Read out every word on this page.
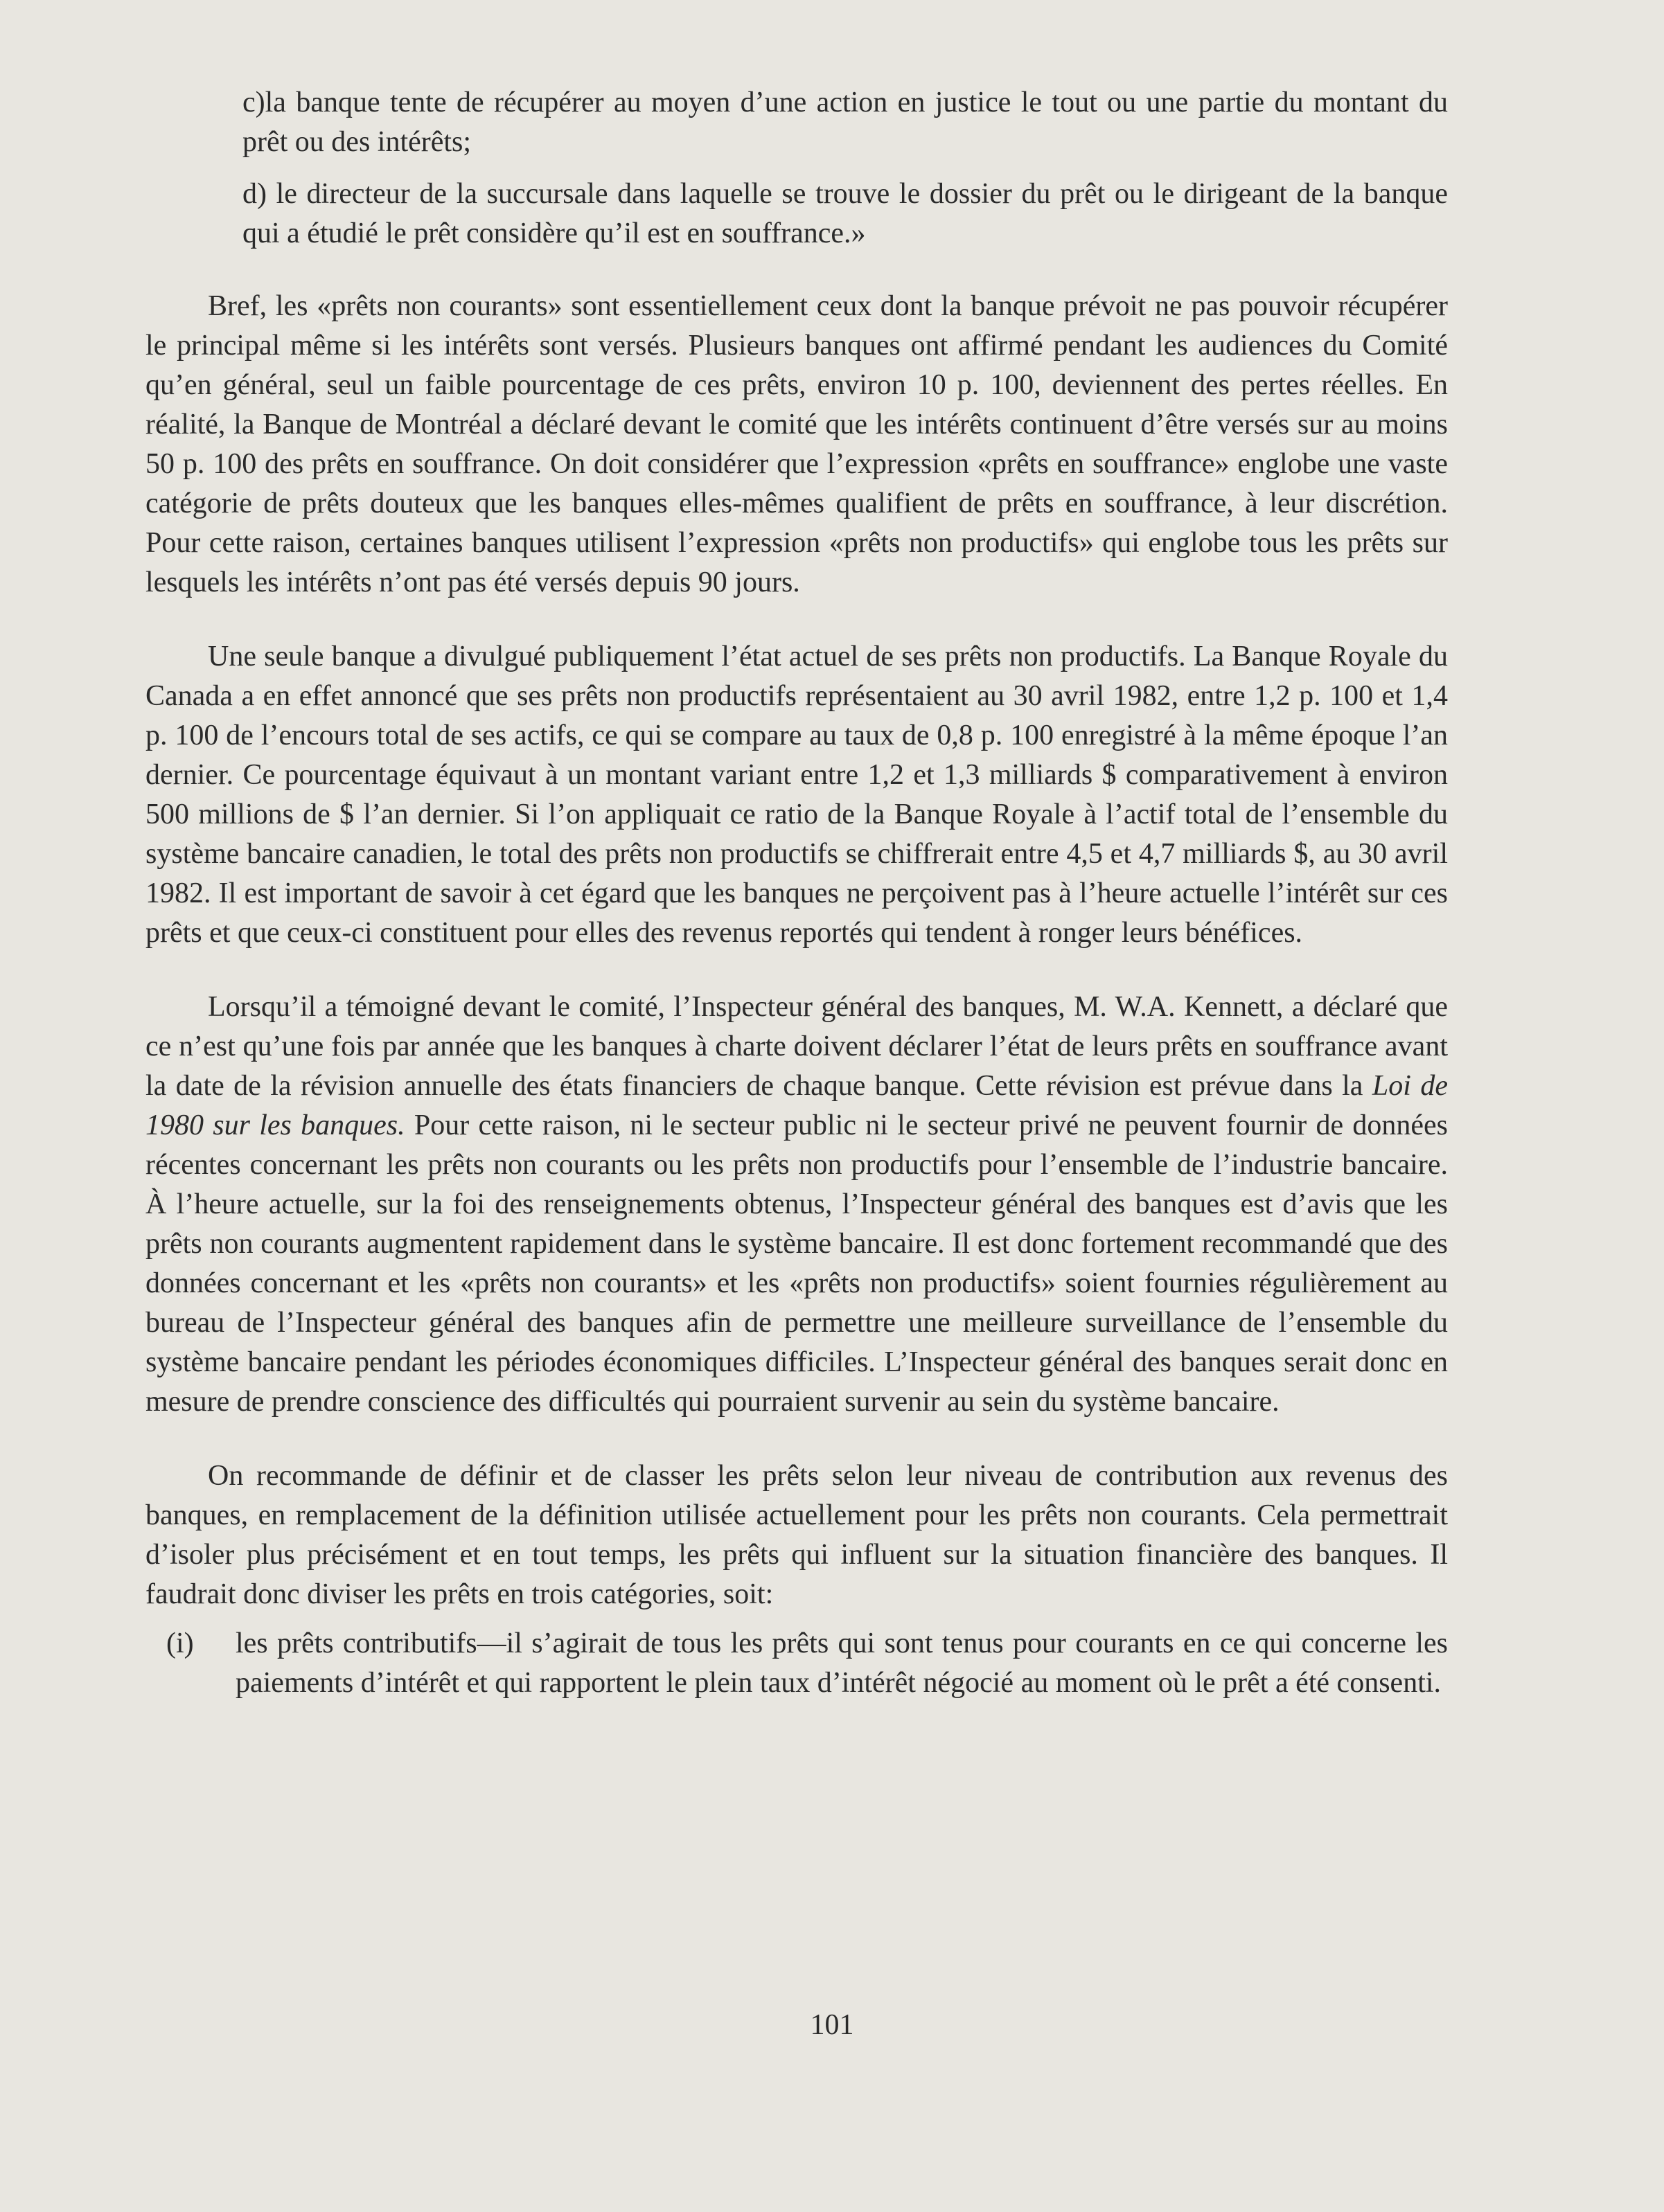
c)la banque tente de récupérer au moyen d’une action en justice le tout ou une partie du montant du prêt ou des intérêts;

d) le directeur de la succursale dans laquelle se trouve le dossier du prêt ou le dirigeant de la banque qui a étudié le prêt considère qu’il est en souffrance.»

Bref, les «prêts non courants» sont essentiellement ceux dont la banque prévoit ne pas pouvoir récupérer le principal même si les intérêts sont versés. Plusieurs banques ont affirmé pendant les audiences du Comité qu’en général, seul un faible pourcentage de ces prêts, environ 10 p. 100, deviennent des pertes réelles. En réalité, la Banque de Montréal a déclaré devant le comité que les intérêts continuent d’être versés sur au moins 50 p. 100 des prêts en souffrance. On doit considérer que l’expression «prêts en souffrance» englobe une vaste catégorie de prêts douteux que les banques elles-mêmes qualifient de prêts en souffrance, à leur discrétion. Pour cette raison, certaines banques utilisent l’expression «prêts non productifs» qui englobe tous les prêts sur lesquels les intérêts n’ont pas été versés depuis 90 jours.

Une seule banque a divulgué publiquement l’état actuel de ses prêts non productifs. La Banque Royale du Canada a en effet annoncé que ses prêts non productifs représentaient au 30 avril 1982, entre 1,2 p. 100 et 1,4 p. 100 de l’encours total de ses actifs, ce qui se compare au taux de 0,8 p. 100 enregistré à la même époque l’an dernier. Ce pourcentage équivaut à un montant variant entre 1,2 et 1,3 milliards $ comparativement à environ 500 millions de $ l’an dernier. Si l’on appliquait ce ratio de la Banque Royale à l’actif total de l’ensemble du système bancaire canadien, le total des prêts non productifs se chiffrerait entre 4,5 et 4,7 milliards $, au 30 avril 1982. Il est important de savoir à cet égard que les banques ne perçoivent pas à l’heure actuelle l’intérêt sur ces prêts et que ceux-ci constituent pour elles des revenus reportés qui tendent à ronger leurs bénéfices.

Lorsqu’il a témoigné devant le comité, l’Inspecteur général des banques, M. W.A. Kennett, a déclaré que ce n’est qu’une fois par année que les banques à charte doivent déclarer l’état de leurs prêts en souffrance avant la date de la révision annuelle des états financiers de chaque banque. Cette révision est prévue dans la Loi de 1980 sur les banques. Pour cette raison, ni le secteur public ni le secteur privé ne peuvent fournir de données récentes concernant les prêts non courants ou les prêts non productifs pour l’ensemble de l’industrie bancaire. À l’heure actuelle, sur la foi des renseignements obtenus, l’Inspecteur général des banques est d’avis que les prêts non courants augmentent rapidement dans le système bancaire. Il est donc fortement recommandé que des données concernant et les «prêts non courants» et les «prêts non productifs» soient fournies régulièrement au bureau de l’Inspecteur général des banques afin de permettre une meilleure surveillance de l’ensemble du système bancaire pendant les périodes économiques difficiles. L’Inspecteur général des banques serait donc en mesure de prendre conscience des difficultés qui pourraient survenir au sein du système bancaire.

On recommande de définir et de classer les prêts selon leur niveau de contribution aux revenus des banques, en remplacement de la définition utilisée actuellement pour les prêts non courants. Cela permettrait d’isoler plus précisément et en tout temps, les prêts qui influent sur la situation financière des banques. Il faudrait donc diviser les prêts en trois catégories, soit:

(i)	les prêts contributifs—il s’agirait de tous les prêts qui sont tenus pour courants en ce qui concerne les paiements d’intérêt et qui rapportent le plein taux d’intérêt négocié au moment où le prêt a été consenti.
101
